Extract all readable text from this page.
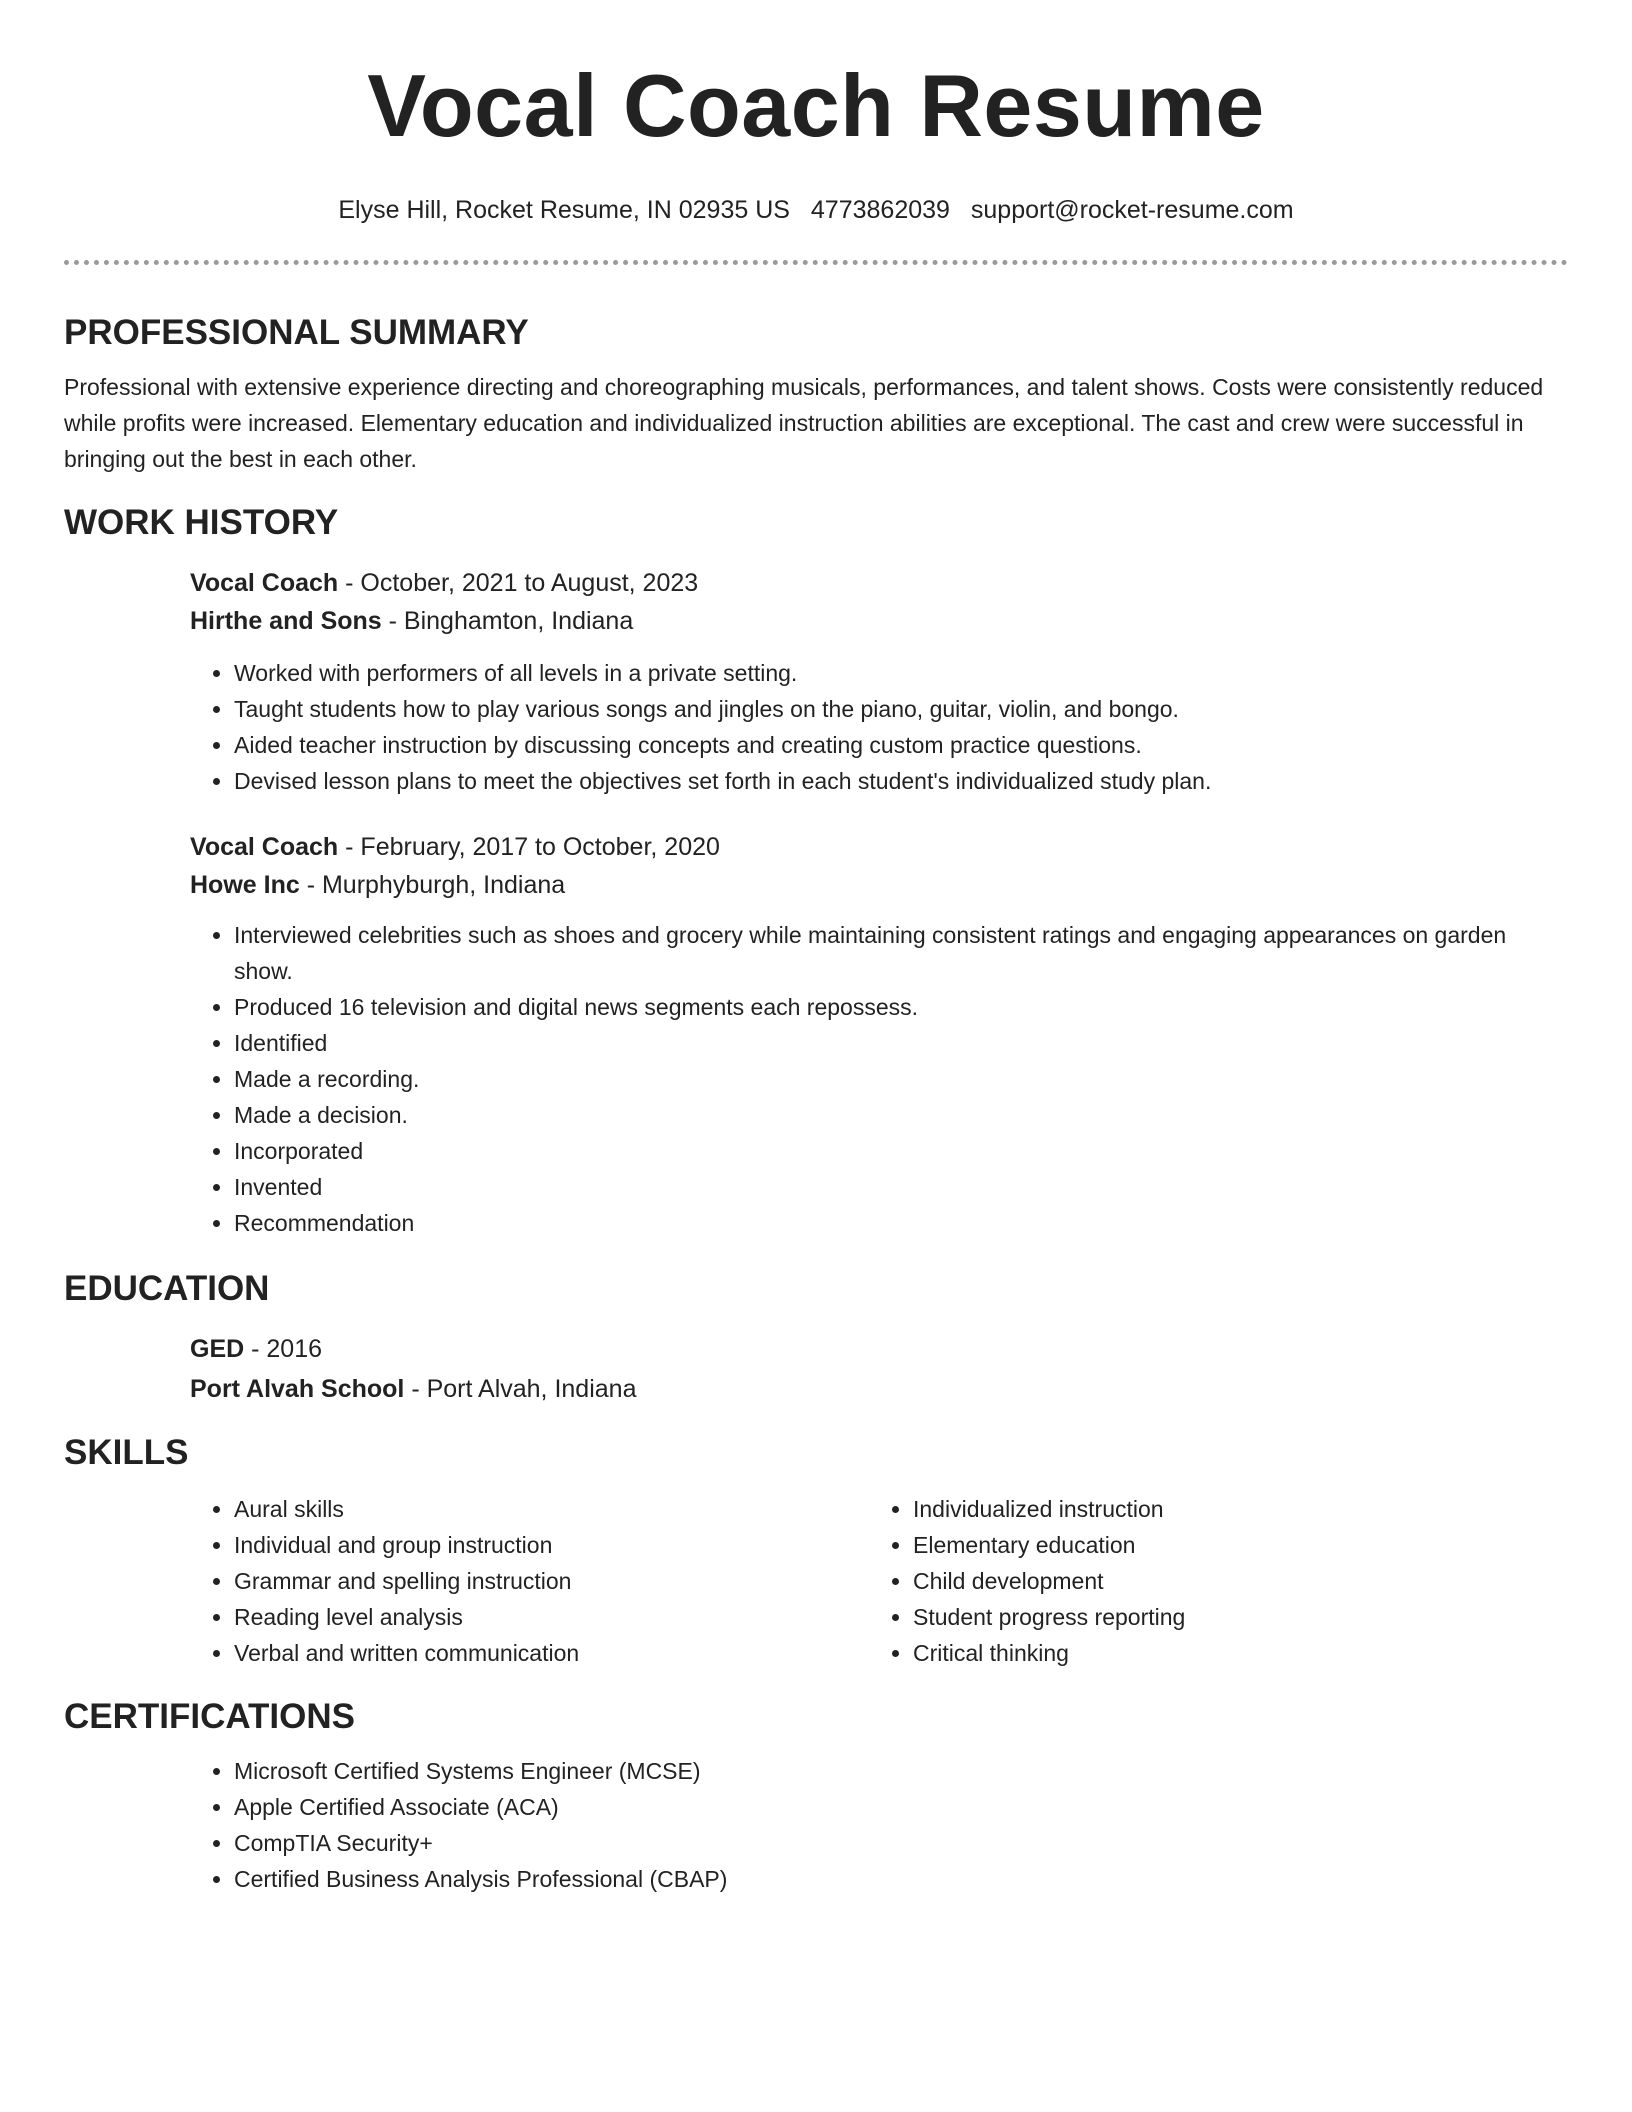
Vocal Coach Resume
Elyse Hill, Rocket Resume, IN 02935 US 4773862039 support@rocket-resume.com
PROFESSIONAL SUMMARY

Professional with extensive experience directing and choreographing musicals, performances, and talent shows. Costs were consistently reduced while profits were increased. Elementary education and individualized instruction abilities are exceptional. The cast and crew were successful in bringing out the best in each other.

WORK HISTORY

Vocal Coach - October, 2021 to August, 2023

Hirthe and Sons - Binghamton, Indiana

• Worked with performers of all levels in a private setting.
• Taught students how to play various songs and jingles on the piano, guitar, violin, and bongo.
• Aided teacher instruction by discussing concepts and creating custom practice questions.
• Devised lesson plans to meet the objectives set forth in each student's individualized study plan.

Vocal Coach - February, 2017 to October, 2020

Howe Inc - Murphyburgh, Indiana

• Interviewed celebrities such as shoes and grocery while maintaining consistent ratings and engaging appearances on garden show.
• Produced 16 television and digital news segments each repossess.
• Identified
• Made a recording.
• Made a decision.
• Incorporated
• Invented
• Recommendation
EDUCATION

GED - 2016

Port Alvah School - Port Alvah, Indiana

SKILLS
• Aural skills
• Individual and group instruction
• Grammar and spelling instruction
• Reading level analysis
• Verbal and written communication
• Individualized instruction
• Elementary education
• Child development
• Student progress reporting
• Critical thinking
CERTIFICATIONS
• Microsoft Certified Systems Engineer (MCSE)
• Apple Certified Associate (ACA)
• CompTIA Security+
• Certified Business Analysis Professional (CBAP)
